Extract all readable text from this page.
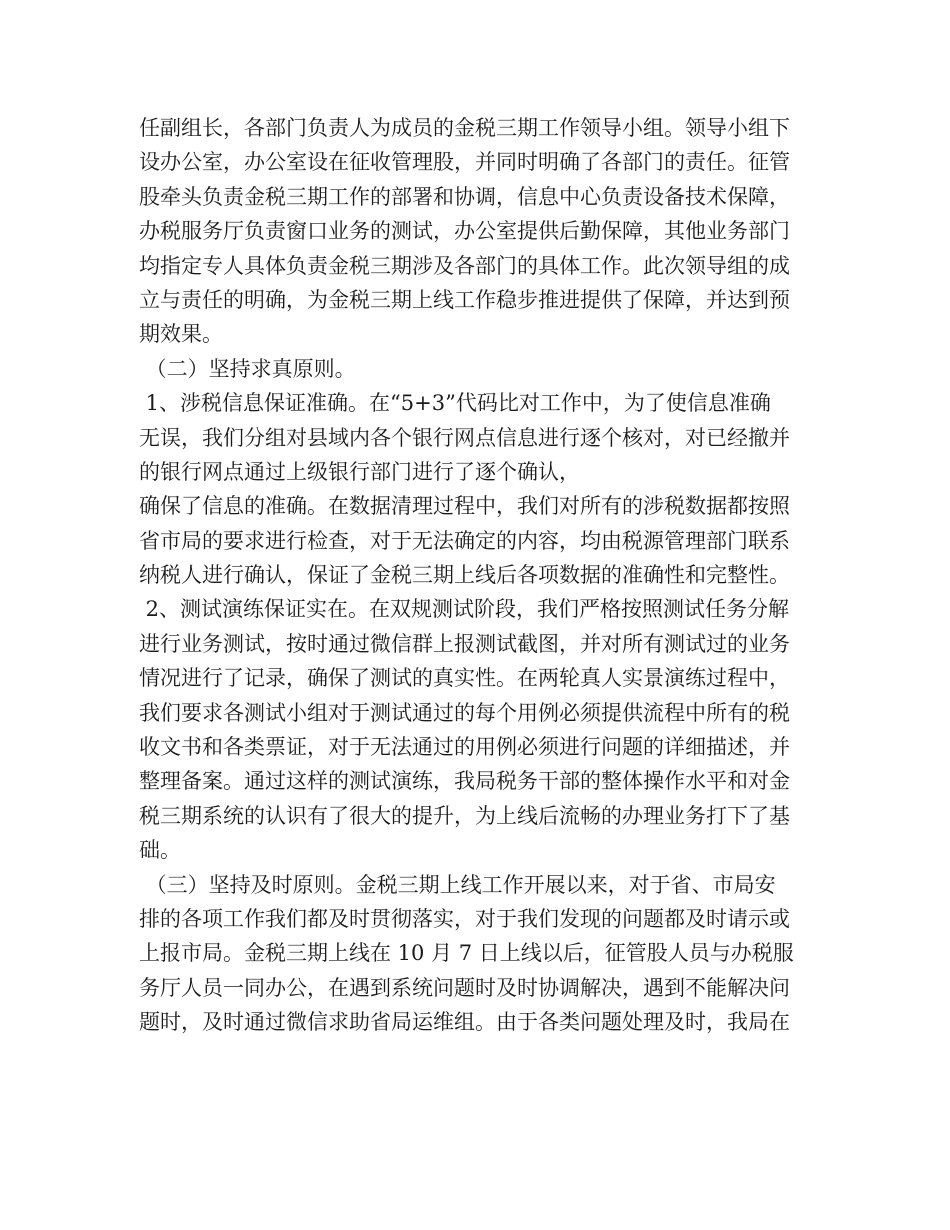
任副组长，各部门负责人为成员的金税三期工作领导小组。领导小组下
设办公室，办公室设在征收管理股，并同时明确了各部门的责任。征管
股牵头负责金税三期工作的部署和协调，信息中心负责设备技术保障，
办税服务厅负责窗口业务的测试，办公室提供后勤保障，其他业务部门
均指定专人具体负责金税三期涉及各部门的具体工作。此次领导组的成
立与责任的明确，为金税三期上线工作稳步推进提供了保障，并达到预
期效果。
（二）坚持求真原则。
1、涉税信息保证准确。在“5+3”代码比对工作中，为了使信息准确
无误，我们分组对县域内各个银行网点信息进行逐个核对，对已经撤并
的银行网点通过上级银行部门进行了逐个确认，
确保了信息的准确。在数据清理过程中，我们对所有的涉税数据都按照
省市局的要求进行检查，对于无法确定的内容，均由税源管理部门联系
纳税人进行确认，保证了金税三期上线后各项数据的准确性和完整性。
2、测试演练保证实在。在双规测试阶段，我们严格按照测试任务分解
进行业务测试，按时通过微信群上报测试截图，并对所有测试过的业务
情况进行了记录，确保了测试的真实性。在两轮真人实景演练过程中，
我们要求各测试小组对于测试通过的每个用例必须提供流程中所有的税
收文书和各类票证，对于无法通过的用例必须进行问题的详细描述，并
整理备案。通过这样的测试演练，我局税务干部的整体操作水平和对金
税三期系统的认识有了很大的提升，为上线后流畅的办理业务打下了基
础。
（三）坚持及时原则。金税三期上线工作开展以来，对于省、市局安
排的各项工作我们都及时贯彻落实，对于我们发现的问题都及时请示或
上报市局。金税三期上线在 10 月 7 日上线以后，征管股人员与办税服
务厅人员一同办公，在遇到系统问题时及时协调解决，遇到不能解决问
题时，及时通过微信求助省局运维组。由于各类问题处理及时，我局在
